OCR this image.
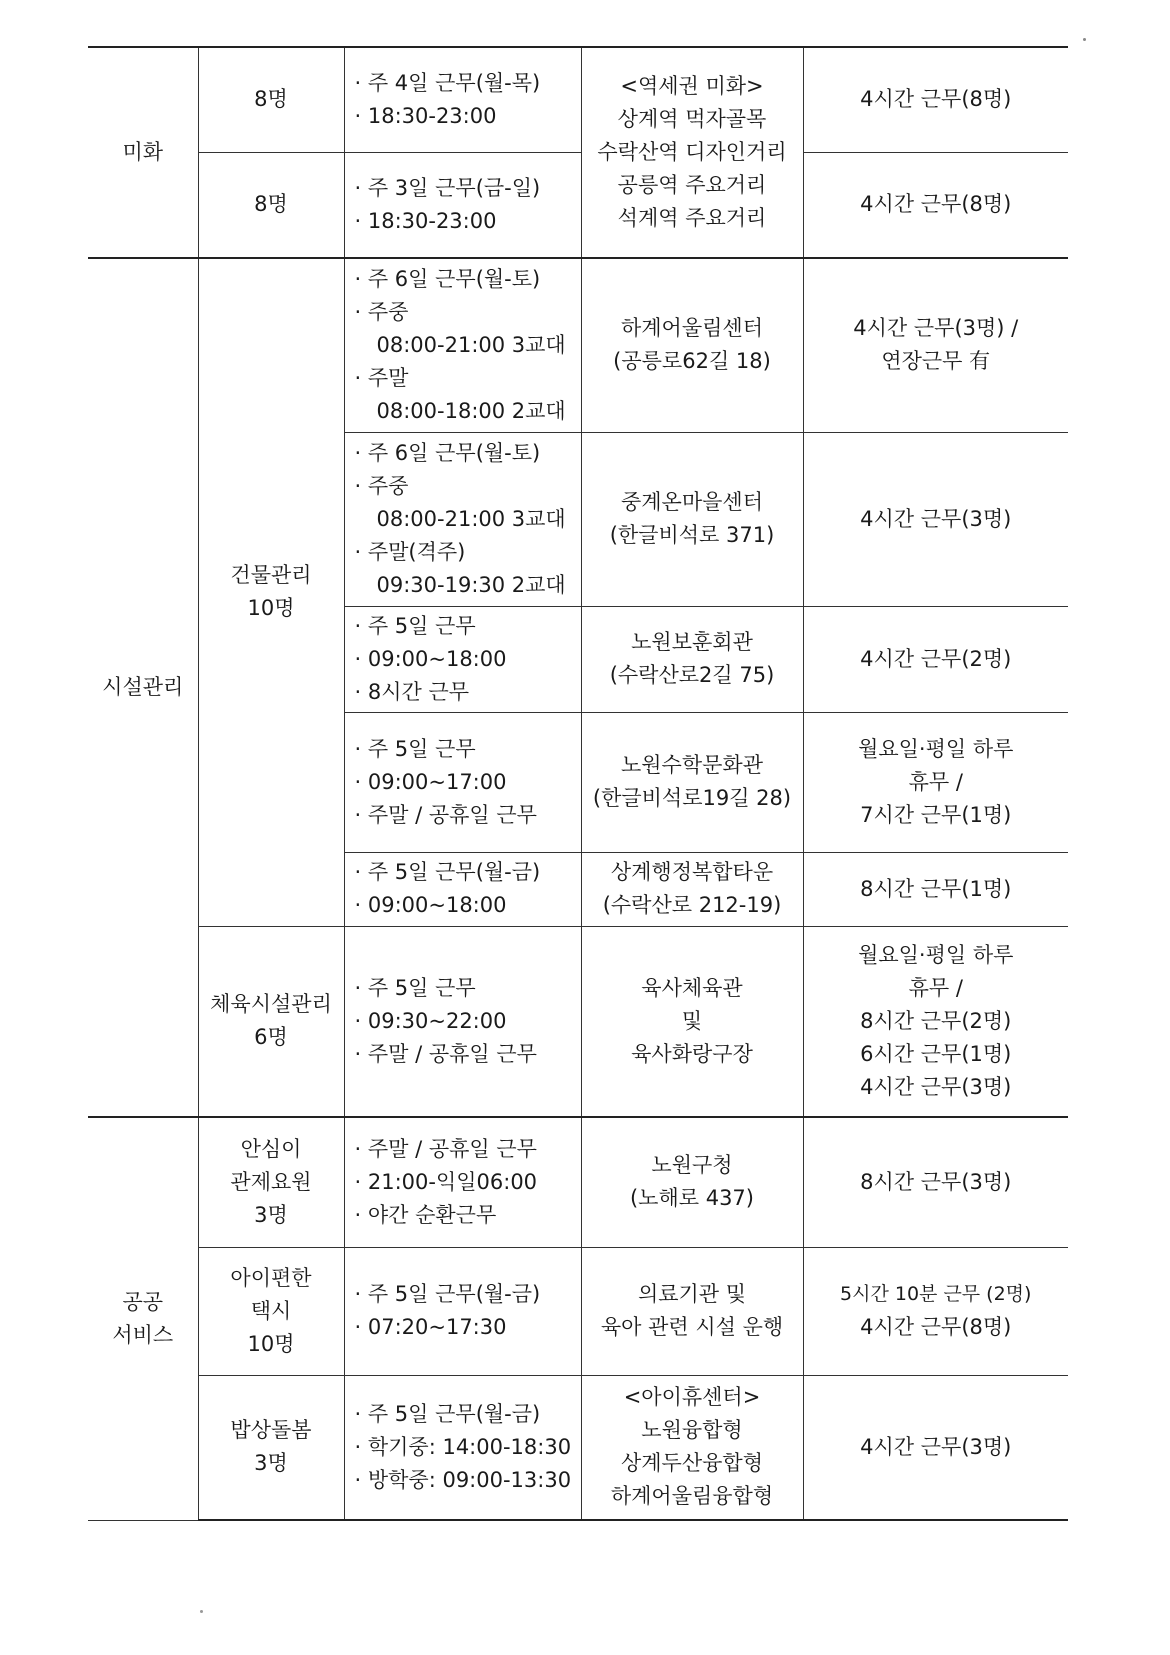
미화	8명	· 주 4일 근무(월-목)
· 18:30-23:00	<역세권 미화>
상계역 먹자골목
수락산역 디자인거리
공릉역 주요거리
석계역 주요거리	4시간 근무(8명)

	8명	· 주 3일 근무(금-일)
· 18:30-23:00		4시간 근무(8명)

시설관리	건물관리
10명	· 주 6일 근무(월-토)
· 주중
08:00-21:00 3교대
· 주말
08:00-18:00 2교대	하계어울림센터
(공릉로62길 18)	4시간 근무(3명) /
연장근무 有

		· 주 6일 근무(월-토)
· 주중
08:00-21:00 3교대
· 주말(격주)
09:30-19:30 2교대	중계온마을센터
(한글비석로 371)	4시간 근무(3명)

		· 주 5일 근무
· 09:00~18:00
· 8시간 근무	노원보훈회관
(수락산로2길 75)	4시간 근무(2명)

		· 주 5일 근무
· 09:00~17:00
· 주말 / 공휴일 근무	노원수학문화관
(한글비석로19길 28)	월요일·평일 하루
휴무 /
7시간 근무(1명)

		· 주 5일 근무(월-금)
· 09:00~18:00	상계행정복합타운
(수락산로 212-19)	8시간 근무(1명)

	체육시설관리
6명	· 주 5일 근무
· 09:30~22:00
· 주말 / 공휴일 근무	육사체육관
및
육사화랑구장	월요일·평일 하루
휴무 /
8시간 근무(2명)
6시간 근무(1명)
4시간 근무(3명)

공공
서비스	안심이
관제요원
3명	· 주말 / 공휴일 근무
· 21:00-익일06:00
· 야간 순환근무	노원구청
(노해로 437)	8시간 근무(3명)

	아이편한
택시
10명	· 주 5일 근무(월-금)
· 07:20~17:30	의료기관 및
육아 관련 시설 운행	5시간 10분 근무 (2명)
4시간 근무(8명)

	밥상돌봄
3명	· 주 5일 근무(월-금)
· 학기중: 14:00-18:30
· 방학중: 09:00-13:30	<아이휴센터>
노원융합형
상계두산융합형
하계어울림융합형	4시간 근무(3명)
